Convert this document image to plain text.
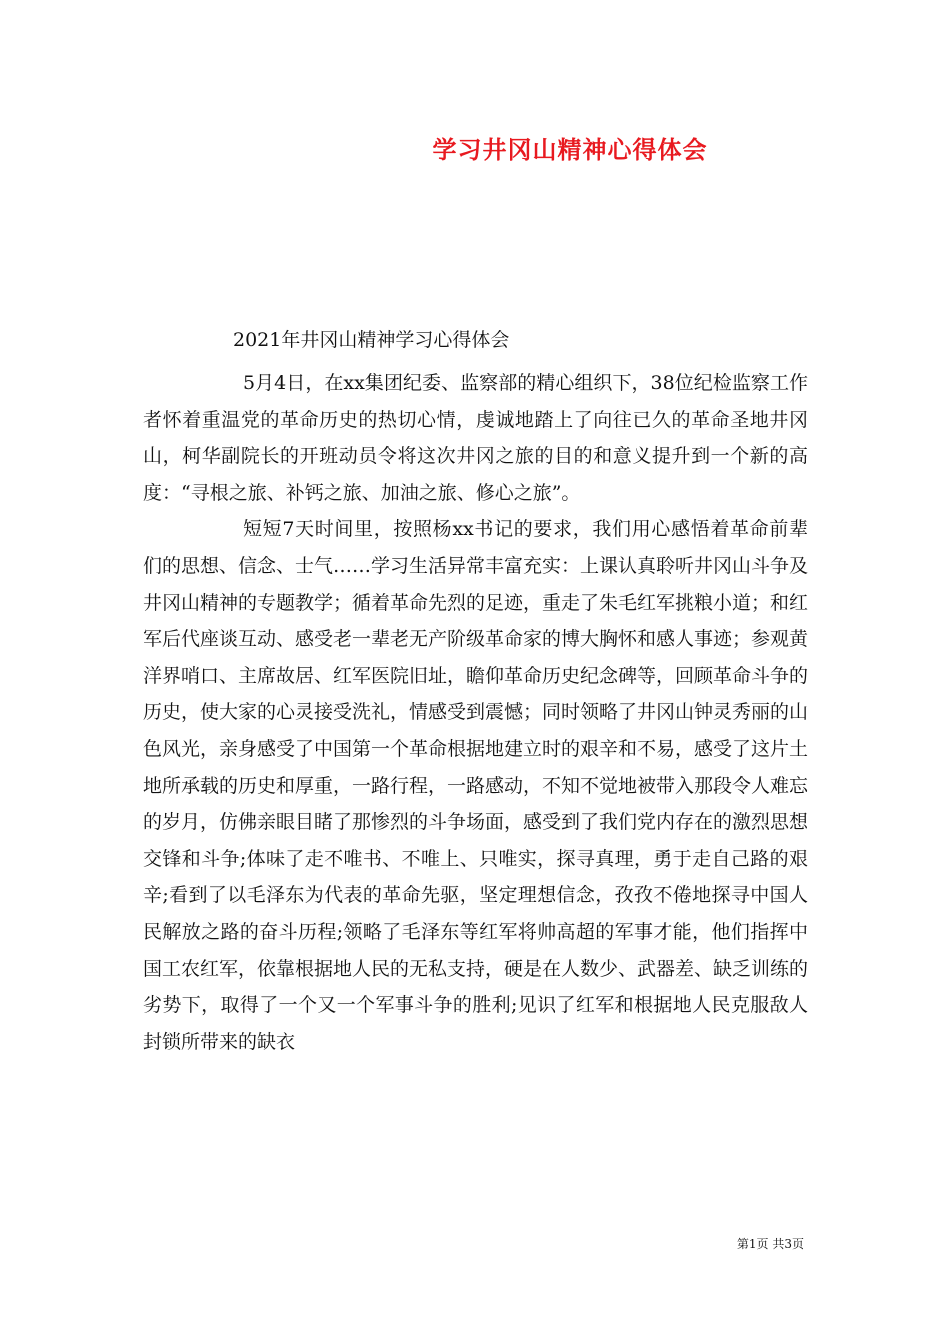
学习井冈山精神心得体会
2021年井冈山精神学习心得体会

5月4日，在xx集团纪委、监察部的精心组织下，38位纪检监察工作者怀着重温党的革命历史的热切心情，虔诚地踏上了向往已久的革命圣地井冈山，柯华副院长的开班动员令将这次井冈之旅的目的和意义提升到一个新的高度：“寻根之旅、补钙之旅、加油之旅、修心之旅”。

短短7天时间里，按照杨xx书记的要求，我们用心感悟着革命前辈们的思想、信念、士气……学习生活异常丰富充实：上课认真聆听井冈山斗争及井冈山精神的专题教学；循着革命先烈的足迹，重走了朱毛红军挑粮小道；和红军后代座谈互动、感受老一辈老无产阶级革命家的博大胸怀和感人事迹；参观黄洋界哨口、主席故居、红军医院旧址，瞻仰革命历史纪念碑等，回顾革命斗争的历史，使大家的心灵接受洗礼，情感受到震憾；同时领略了井冈山钟灵秀丽的山色风光，亲身感受了中国第一个革命根据地建立时的艰辛和不易，感受了这片土地所承载的历史和厚重，一路行程，一路感动，不知不觉地被带入那段令人难忘的岁月，仿佛亲眼目睹了那惨烈的斗争场面，感受到了我们党内存在的激烈思想交锋和斗争;体味了走不唯书、不唯上、只唯实，探寻真理，勇于走自己路的艰辛;看到了以毛泽东为代表的革命先驱，坚定理想信念，孜孜不倦地探寻中国人民解放之路的奋斗历程;领略了毛泽东等红军将帅高超的军事才能，他们指挥中国工农红军，依靠根据地人民的无私支持，硬是在人数少、武器差、缺乏训练的劣势下，取得了一个又一个军事斗争的胜利;见识了红军和根据地人民克服敌人封锁所带来的缺衣

第1页 共3页
